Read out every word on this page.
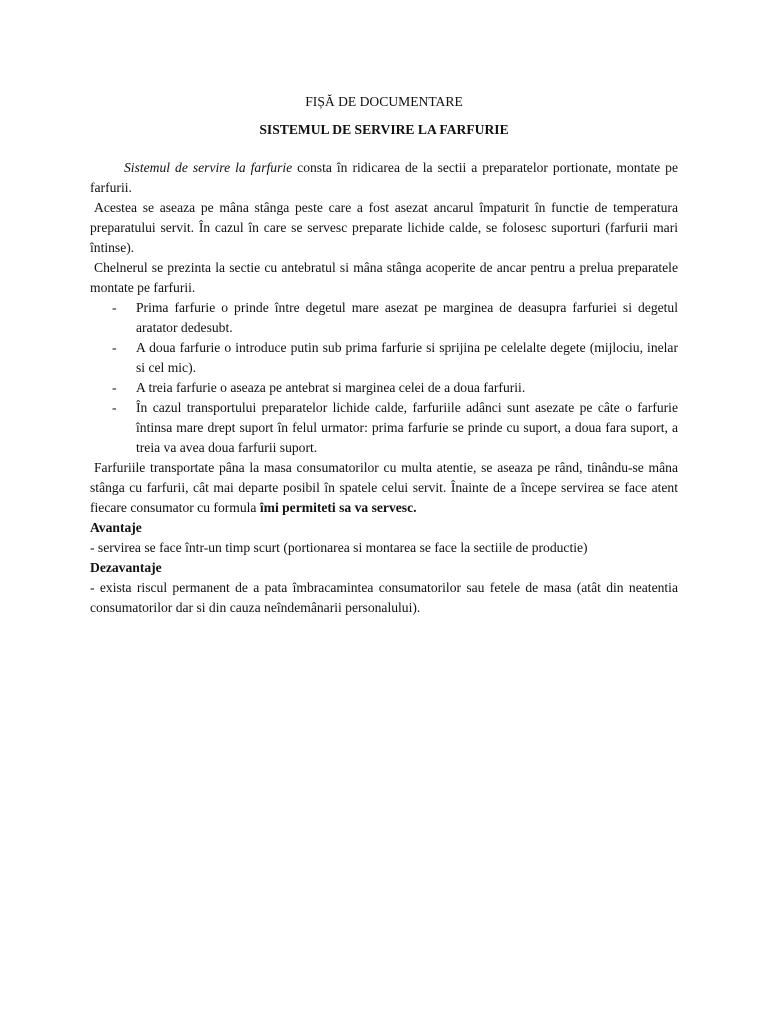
FIȘĂ DE DOCUMENTARE
SISTEMUL DE SERVIRE LA FARFURIE

Sistemul de servire la farfurie consta în ridicarea de la sectii a preparatelor portionate, montate pe farfurii.

Acestea se aseaza pe mâna stânga peste care a fost asezat ancarul împaturit în functie de temperatura preparatului servit. În cazul în care se servesc preparate lichide calde, se folosesc suporturi (farfurii mari întinse).

Chelnerul se prezinta la sectie cu antebratul si mâna stânga acoperite de ancar pentru a prelua preparatele montate pe farfurii.

- Prima farfurie o prinde între degetul mare asezat pe marginea de deasupra farfuriei si degetul aratator dedesubt.
- A doua farfurie o introduce putin sub prima farfurie si sprijina pe celelalte degete (mijlociu, inelar si cel mic).
- A treia farfurie o aseaza pe antebrat si marginea celei de a doua farfurii.
- În cazul transportului preparatelor lichide calde, farfuriile adânci sunt asezate pe câte o farfurie întinsa mare drept suport în felul urmator: prima farfurie se prinde cu suport, a doua fara suport, a treia va avea doua farfurii suport.

Farfuriile transportate pâna la masa consumatorilor cu multa atentie, se aseaza pe rând, tinându-se mâna stânga cu farfurii, cât mai departe posibil în spatele celui servit. Înainte de a începe servirea se face atent fiecare consumator cu formula îmi permiteti sa va servesc.

Avantaje

- servirea se face într-un timp scurt (portionarea si montarea se face la sectiile de productie)

Dezavantaje

- exista riscul permanent de a pata îmbracamintea consumatorilor sau fetele de masa (atât din neatentia consumatorilor dar si din cauza neîndemânarii personalului).
